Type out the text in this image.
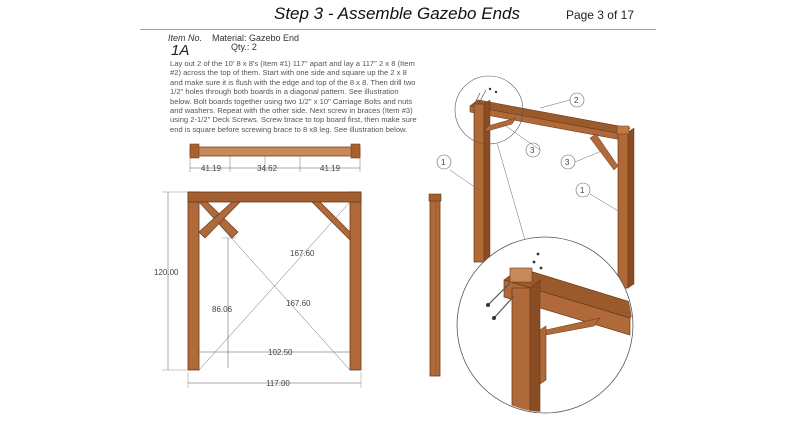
Step 3 - Assemble Gazebo Ends	Page 3 of 17
Item No. Material: Gazebo End
Qty.: 2
1A
Lay out 2 of the 10' 8 x 8's (Item #1) 117" apart and lay a 117" 2 x 8 (Item #2) across the top of them. Start with one side and square up the 2 x 8 and make sure it is flush with the edge and top of the 8 x 8. Then drill two 1/2" holes through both boards in a diagonal pattern. See illustration below. Bolt boards together using two 1/2" x 10" Carriage Bolts and nuts and washers. Repeat with the other side. Next screw in braces (Item #3) using 2-1/2" Deck Screws. Screw brace to top board first, then make sure end is square before screwing brace to 8 x8 leg. See illustration below.
41.19	34.62	41.19
120.00
167.60
167.60
86.06
102.50
117.00
1
3
2
3
1
